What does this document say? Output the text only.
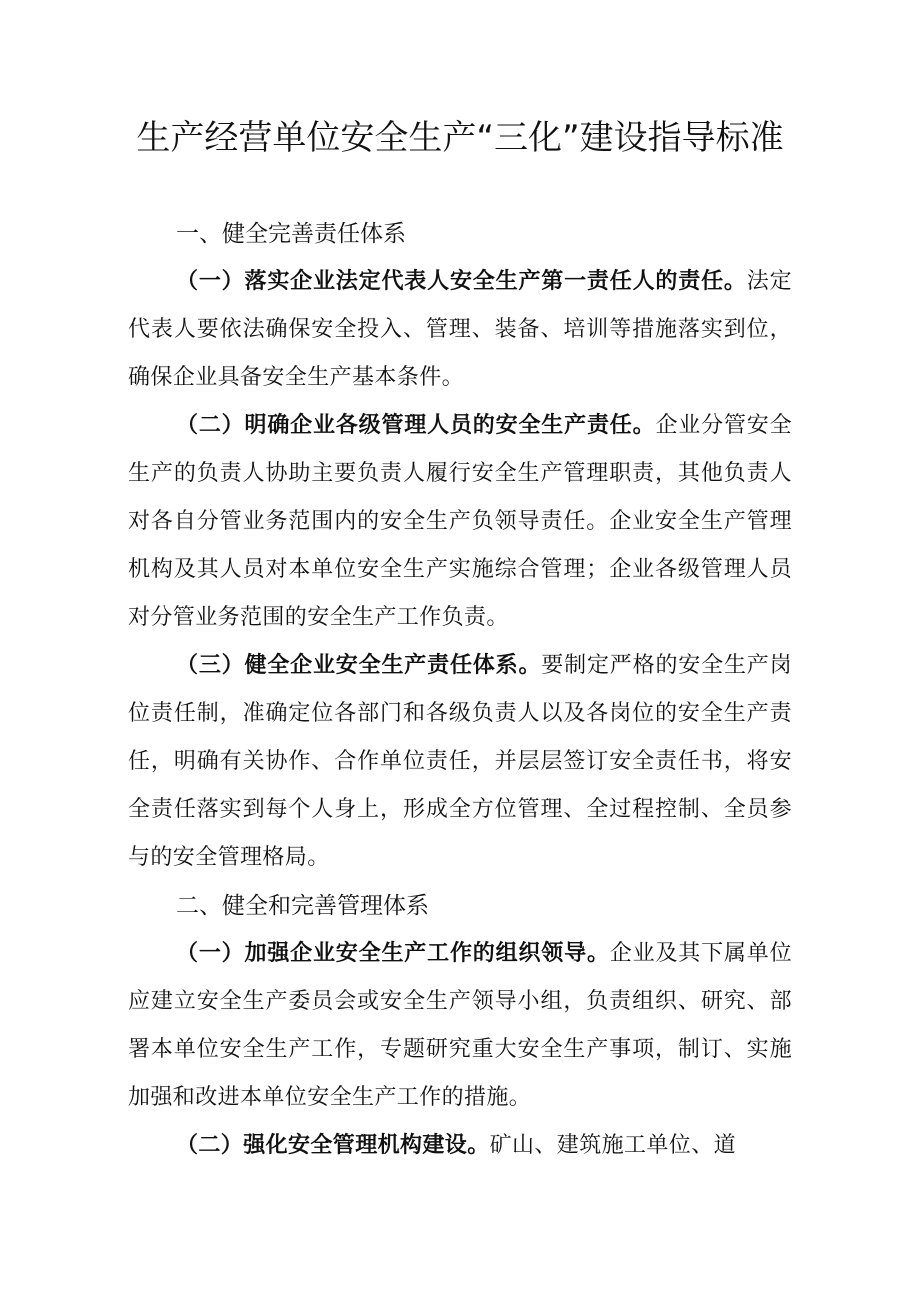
生产经营单位安全生产“三化”建设指导标准
一、健全完善责任体系

（一）落实企业法定代表人安全生产第一责任人的责任。法定代表人要依法确保安全投入、管理、装备、培训等措施落实到位，确保企业具备安全生产基本条件。

（二）明确企业各级管理人员的安全生产责任。企业分管安全生产的负责人协助主要负责人履行安全生产管理职责，其他负责人对各自分管业务范围内的安全生产负领导责任。企业安全生产管理机构及其人员对本单位安全生产实施综合管理；企业各级管理人员对分管业务范围的安全生产工作负责。

（三）健全企业安全生产责任体系。要制定严格的安全生产岗位责任制，准确定位各部门和各级负责人以及各岗位的安全生产责任，明确有关协作、合作单位责任，并层层签订安全责任书，将安全责任落实到每个人身上，形成全方位管理、全过程控制、全员参与的安全管理格局。

二、健全和完善管理体系

（一）加强企业安全生产工作的组织领导。企业及其下属单位应建立安全生产委员会或安全生产领导小组，负责组织、研究、部署本单位安全生产工作，专题研究重大安全生产事项，制订、实施加强和改进本单位安全生产工作的措施。

（二）强化安全管理机构建设。矿山、建筑施工单位、道
